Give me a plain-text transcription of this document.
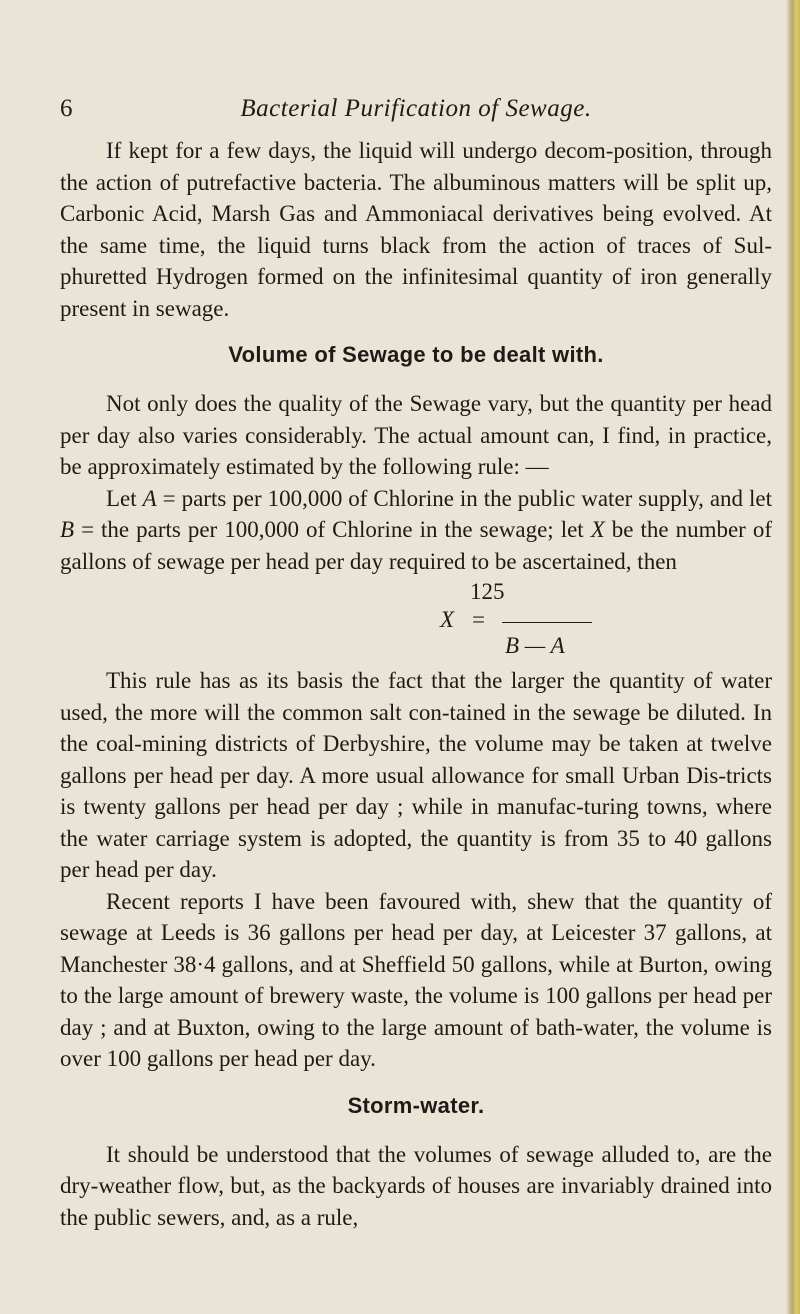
6	Bacterial Purification of Sewage.

If kept for a few days, the liquid will undergo decom-position, through the action of putrefactive bacteria. The albuminous matters will be split up, Carbonic Acid, Marsh Gas and Ammoniacal derivatives being evolved. At the same time, the liquid turns black from the action of traces of Sul-phuretted Hydrogen formed on the infinitesimal quantity of iron generally present in sewage.

Volume of Sewage to be dealt with.

Not only does the quality of the Sewage vary, but the quantity per head per day also varies considerably. The actual amount can, I find, in practice, be approximately estimated by the following rule: —

Let A = parts per 100,000 of Chlorine in the public water supply, and let B = the parts per 100,000 of Chlorine in the sewage; let X be the number of gallons of sewage per head per day required to be ascertained, then

125
X =
B — A

This rule has as its basis the fact that the larger the quantity of water used, the more will the common salt con-tained in the sewage be diluted. In the coal-mining districts of Derbyshire, the volume may be taken at twelve gallons per head per day. A more usual allowance for small Urban Dis-tricts is twenty gallons per head per day ; while in manufac-turing towns, where the water carriage system is adopted, the quantity is from 35 to 40 gallons per head per day.

Recent reports I have been favoured with, shew that the quantity of sewage at Leeds is 36 gallons per head per day, at Leicester 37 gallons, at Manchester 38·4 gallons, and at Sheffield 50 gallons, while at Burton, owing to the large amount of brewery waste, the volume is 100 gallons per head per day ; and at Buxton, owing to the large amount of bath-water, the volume is over 100 gallons per head per day.

Storm-water.

It should be understood that the volumes of sewage alluded to, are the dry-weather flow, but, as the backyards of houses are invariably drained into the public sewers, and, as a rule,
